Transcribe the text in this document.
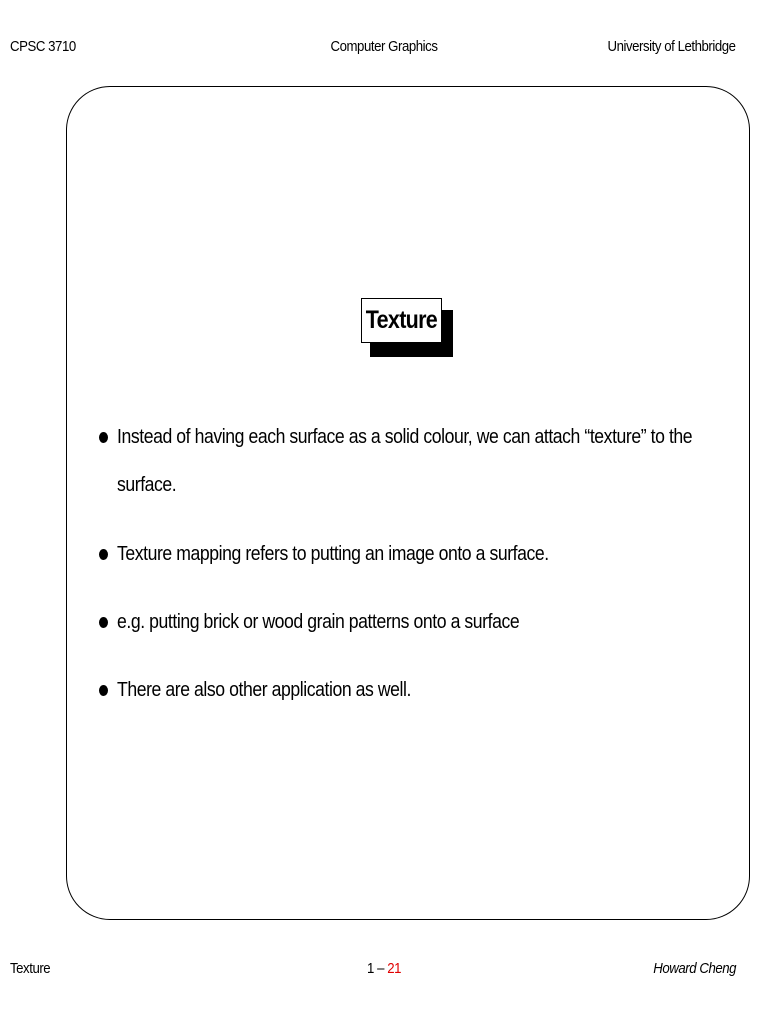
CPSC 3710	Computer Graphics	University of Lethbridge
Texture
Instead of having each surface as a solid colour, we can attach “texture” to the surface.
Texture mapping refers to putting an image onto a surface.
e.g. putting brick or wood grain patterns onto a surface
There are also other application as well.
Texture	1 – 21	Howard Cheng
